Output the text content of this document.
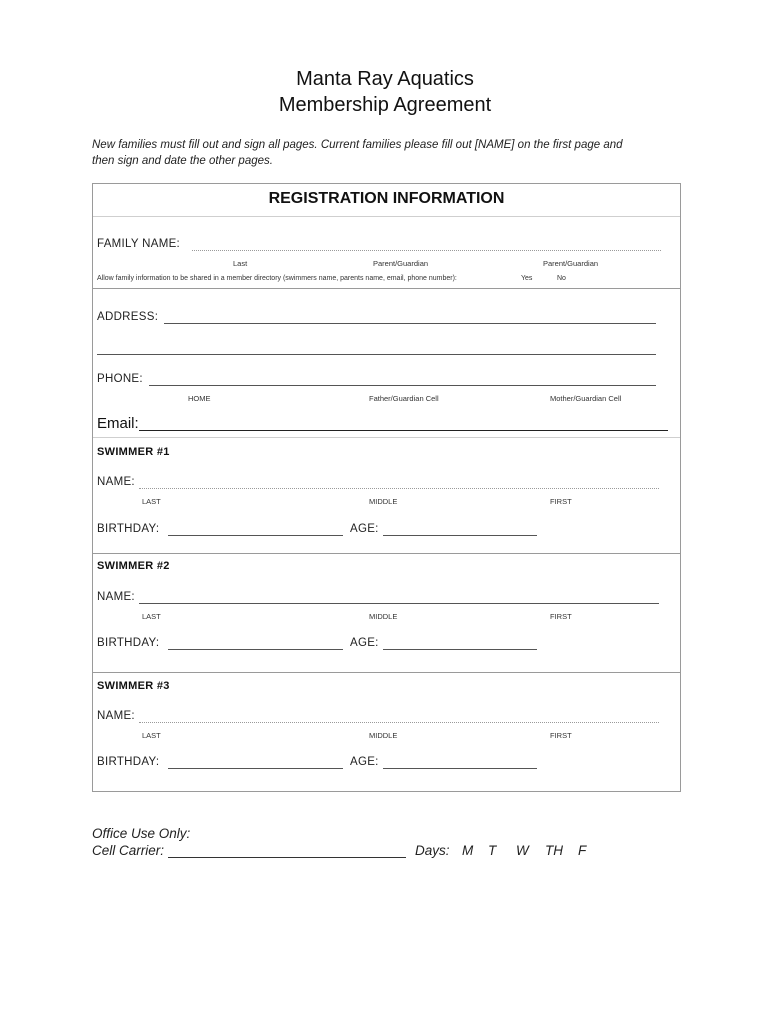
Manta Ray Aquatics
Membership Agreement
New families must fill out and sign all pages. Current families please fill out [NAME] on the first page and
then sign and date the other pages.
REGISTRATION INFORMATION
FAMILY NAME:
Last	Parent/Guardian	Parent/Guardian
Allow family information to be shared in a member directory (swimmers name, parents name, email, phone number):	Yes	No
ADDRESS:
PHONE:
HOME	Father/Guardian Cell	Mother/Guardian Cell
Email:
SWIMMER #1
NAME:
LAST	MIDDLE	FIRST
BIRTHDAY:	AGE:
SWIMMER #2
NAME:
LAST	MIDDLE	FIRST
BIRTHDAY:	AGE:
SWIMMER #3
NAME:
LAST	MIDDLE	FIRST
BIRTHDAY:	AGE:
Office Use Only:
Cell Carrier:	Days: M T W TH F
